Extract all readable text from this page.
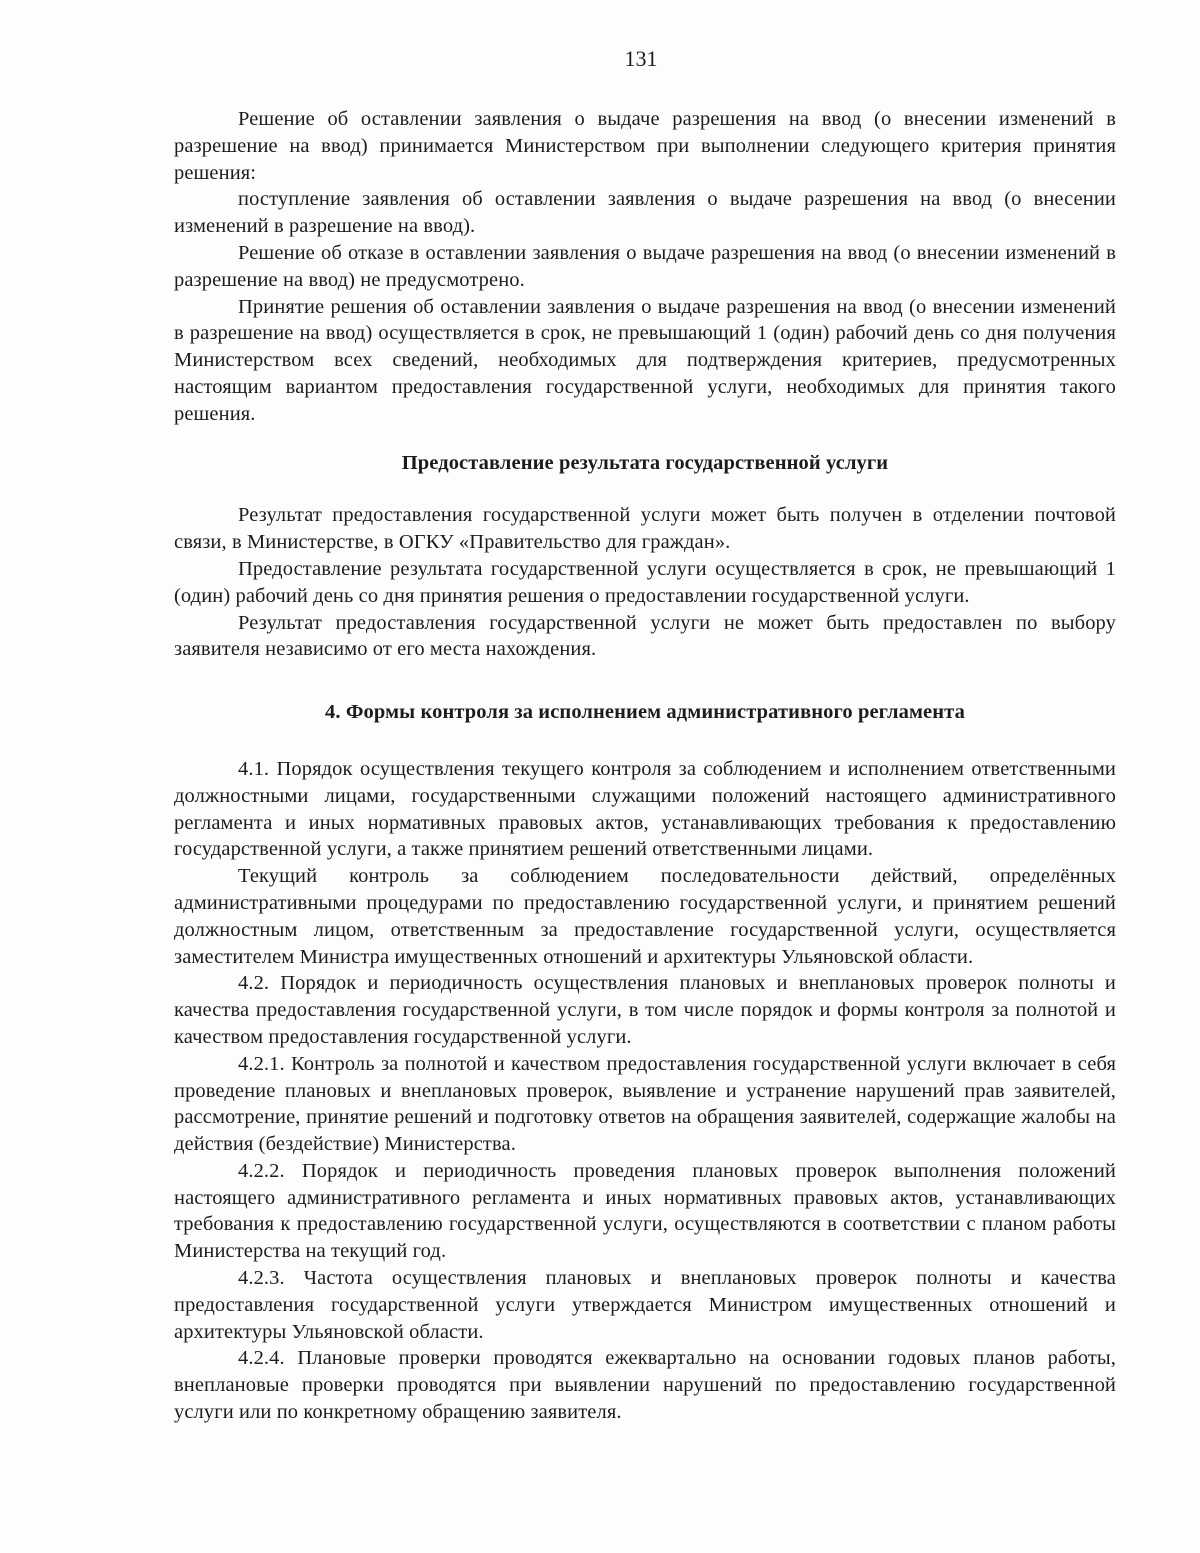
131

Решение об оставлении заявления о выдаче разрешения на ввод (о внесении изменений в разрешение на ввод) принимается Министерством при выполнении следующего критерия принятия решения:

поступление заявления об оставлении заявления о выдаче разрешения на ввод (о внесении изменений в разрешение на ввод).

Решение об отказе в оставлении заявления о выдаче разрешения на ввод (о внесении изменений в разрешение на ввод) не предусмотрено.

Принятие решения об оставлении заявления о выдаче разрешения на ввод (о внесении изменений в разрешение на ввод) осуществляется в срок, не превышающий 1 (один) рабочий день со дня получения Министерством всех сведений, необходимых для подтверждения критериев, предусмотренных настоящим вариантом предоставления государственной услуги, необходимых для принятия такого решения.

Предоставление результата государственной услуги

Результат предоставления государственной услуги может быть получен в отделении почтовой связи, в Министерстве, в ОГКУ «Правительство для граждан».

Предоставление результата государственной услуги осуществляется в срок, не превышающий 1 (один) рабочий день со дня принятия решения о предоставлении государственной услуги.

Результат предоставления государственной услуги не может быть предоставлен по выбору заявителя независимо от его места нахождения.

4. Формы контроля за исполнением административного регламента

4.1. Порядок осуществления текущего контроля за соблюдением и исполнением ответственными должностными лицами, государственными служащими положений настоящего административного регламента и иных нормативных правовых актов, устанавливающих требования к предоставлению государственной услуги, а также принятием решений ответственными лицами.

Текущий контроль за соблюдением последовательности действий, определённых административными процедурами по предоставлению государственной услуги, и принятием решений должностным лицом, ответственным за предоставление государственной услуги, осуществляется заместителем Министра имущественных отношений и архитектуры Ульяновской области.

4.2. Порядок и периодичность осуществления плановых и внеплановых проверок полноты и качества предоставления государственной услуги, в том числе порядок и формы контроля за полнотой и качеством предоставления государственной услуги.

4.2.1. Контроль за полнотой и качеством предоставления государственной услуги включает в себя проведение плановых и внеплановых проверок, выявление и устранение нарушений прав заявителей, рассмотрение, принятие решений и подготовку ответов на обращения заявителей, содержащие жалобы на действия (бездействие) Министерства.

4.2.2. Порядок и периодичность проведения плановых проверок выполнения положений настоящего административного регламента и иных нормативных правовых актов, устанавливающих требования к предоставлению государственной услуги, осуществляются в соответствии с планом работы Министерства на текущий год.

4.2.3. Частота осуществления плановых и внеплановых проверок полноты и качества предоставления государственной услуги утверждается Министром имущественных отношений и архитектуры Ульяновской области.

4.2.4. Плановые проверки проводятся ежеквартально на основании годовых планов работы, внеплановые проверки проводятся при выявлении нарушений по предоставлению государственной услуги или по конкретному обращению заявителя.
